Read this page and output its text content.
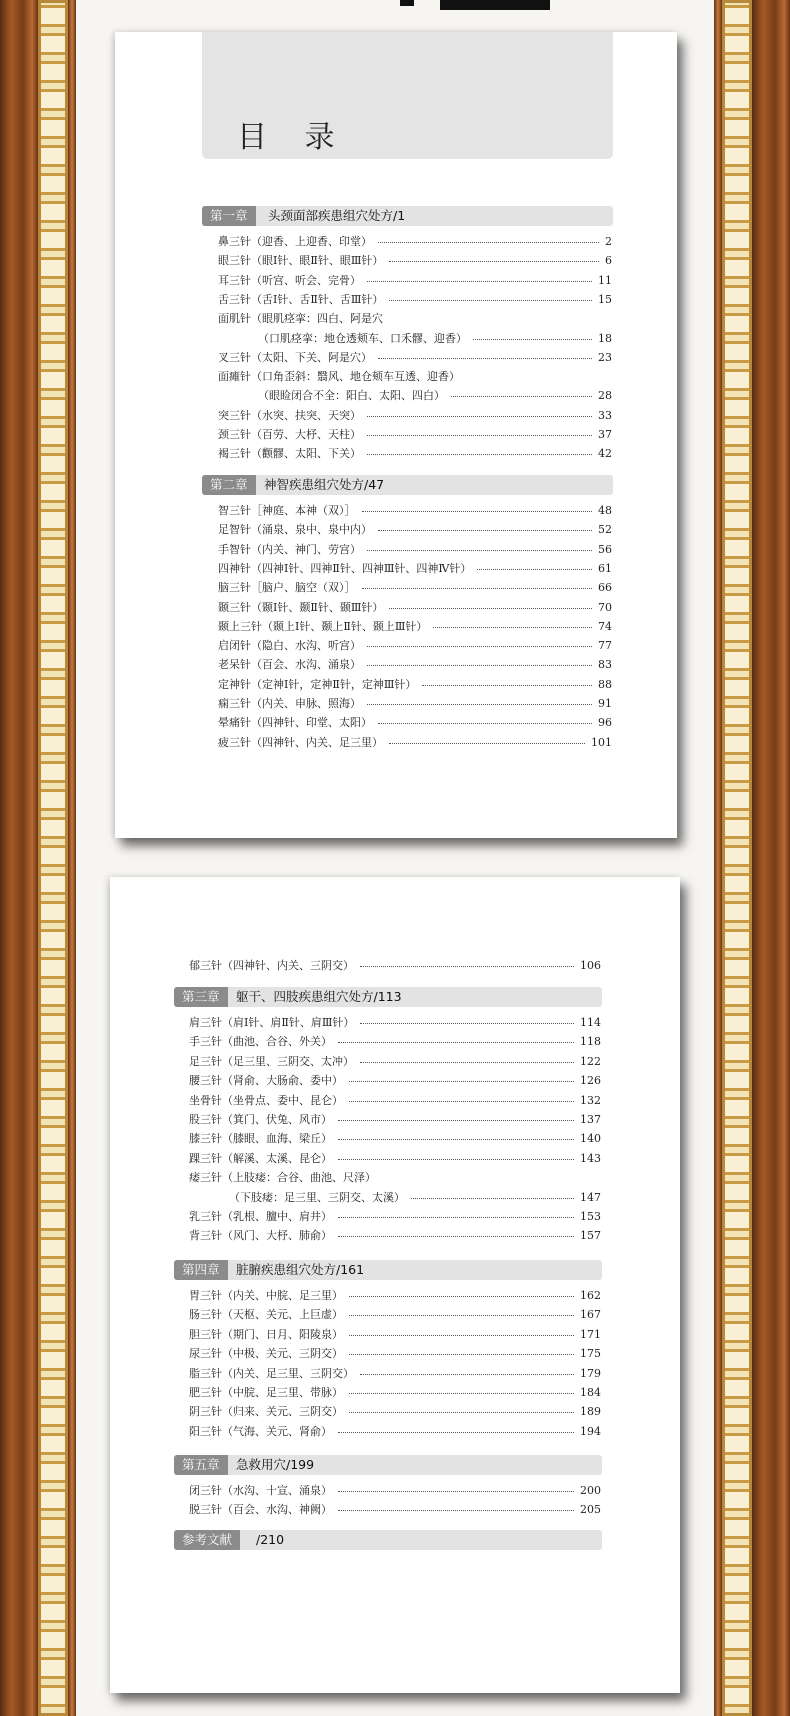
目 录
第一章	头颈面部疾患组穴处方/1
鼻三针（迎香、上迎香、印堂）	2
眼三针（眼Ⅰ针、眼Ⅱ针、眼Ⅲ针）	6
耳三针（听宫、听会、完骨）	11
舌三针（舌Ⅰ针、舌Ⅱ针、舌Ⅲ针）	15
面肌针（眼肌痉挛：四白、阿是穴
（口肌痉挛：地仓透颊车、口禾髎、迎香）	18
叉三针（太阳、下关、阿是穴）	23
面瘫针（口角歪斜：翳风、地仓颊车互透、迎香）
（眼睑闭合不全：阳白、太阳、四白）	28
突三针（水突、扶突、天突）	33
颈三针（百劳、大杼、天柱）	37
褐三针（颧髎、太阳、下关）	42
第二章	神智疾患组穴处方/47
智三针［神庭、本神（双）］	48
足智针（涌泉、泉中、泉中内）	52
手智针（内关、神门、劳宫）	56
四神针（四神Ⅰ针、四神Ⅱ针、四神Ⅲ针、四神Ⅳ针）	61
脑三针［脑户、脑空（双）］	66
颞三针（颞Ⅰ针、颞Ⅱ针、颞Ⅲ针）	70
颞上三针（颞上Ⅰ针、颞上Ⅱ针、颞上Ⅲ针）	74
启闭针（隐白、水沟、听宫）	77
老呆针（百会、水沟、涌泉）	83
定神针（定神Ⅰ针，定神Ⅱ针，定神Ⅲ针）	88
痫三针（内关、申脉、照海）	91
晕痛针（四神针、印堂、太阳）	96
疲三针（四神针、内关、足三里）	101
郁三针（四神针、内关、三阴交）	106
第三章	躯干、四肢疾患组穴处方/113
肩三针（肩Ⅰ针、肩Ⅱ针、肩Ⅲ针）	114
手三针（曲池、合谷、外关）	118
足三针（足三里、三阴交、太冲）	122
腰三针（肾俞、大肠俞、委中）	126
坐骨针（坐骨点、委中、昆仑）	132
股三针（箕门、伏兔、风市）	137
膝三针（膝眼、血海、梁丘）	140
踝三针（解溪、太溪、昆仑）	143
痿三针（上肢痿：合谷、曲池、尺泽）
（下肢痿：足三里、三阴交、太溪）	147
乳三针（乳根、膻中、肩井）	153
背三针（风门、大杼、肺俞）	157
第四章	脏腑疾患组穴处方/161
胃三针（内关、中脘、足三里）	162
肠三针（天枢、关元、上巨虚）	167
胆三针（期门、日月、阳陵泉）	171
尿三针（中极、关元、三阴交）	175
脂三针（内关、足三里、三阴交）	179
肥三针（中脘、足三里、带脉）	184
阴三针（归来、关元、三阴交）	189
阳三针（气海、关元、肾俞）	194
第五章	急救用穴/199
闭三针（水沟、十宣、涌泉）	200
脱三针（百会、水沟、神阙）	205
参考文献	/210
